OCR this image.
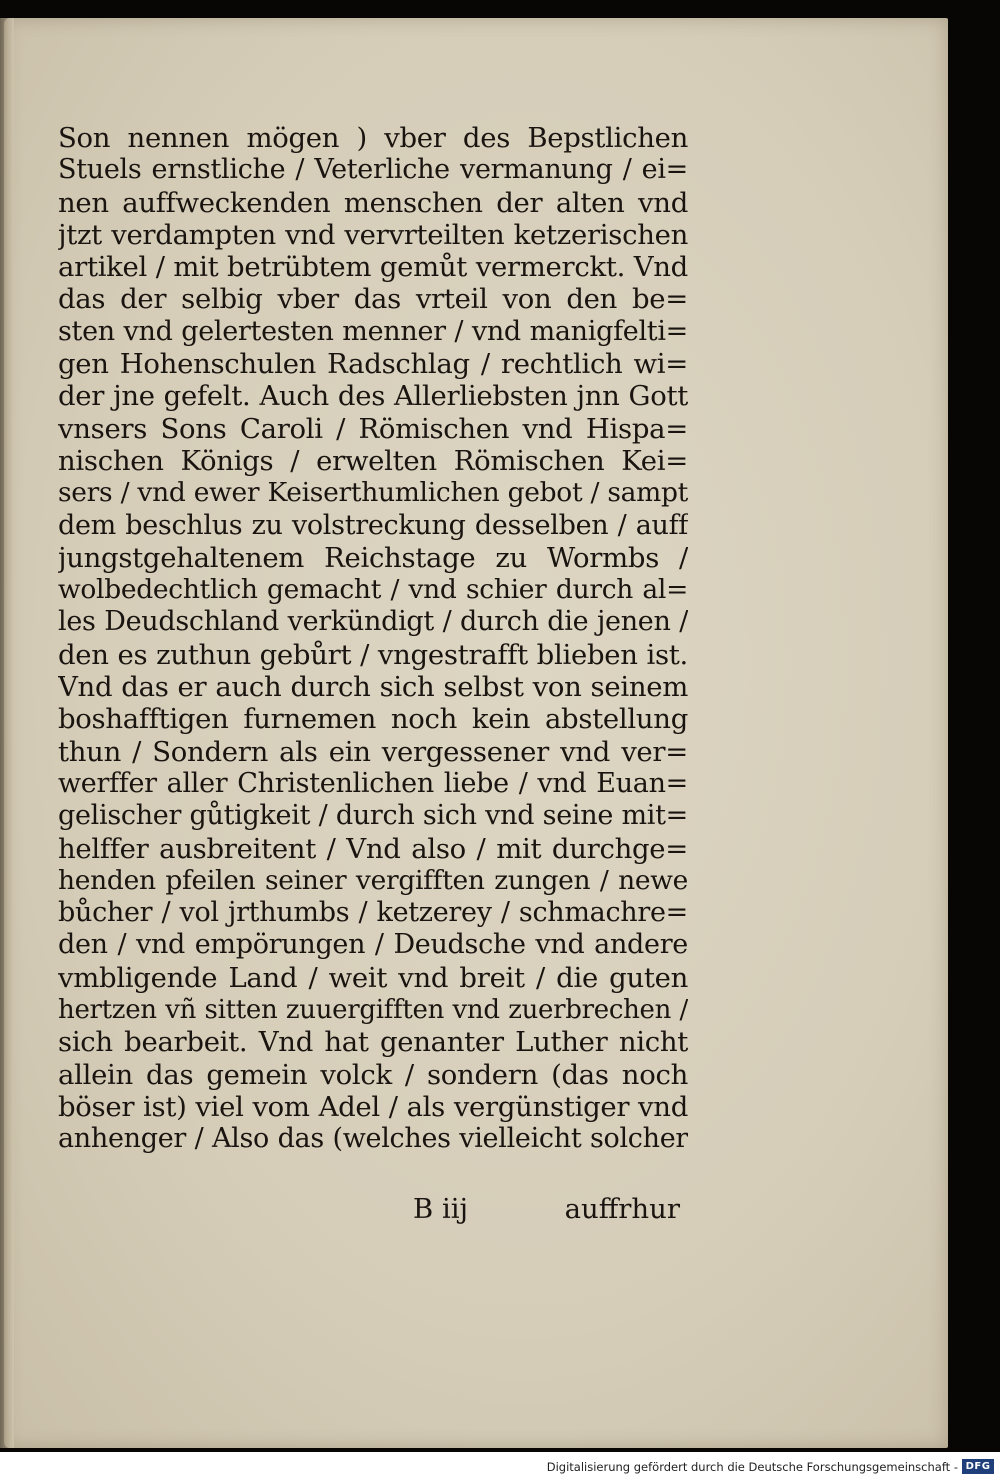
Son nennen mögen ) vber des Bepstlichen
Stuels ernstliche / Veterliche vermanung / ei=
nen auffweckenden menschen der alten vnd
jtzt verdampten vnd vervrteilten ketzerischen
artikel / mit betrübtem gemůt vermerckt. Vnd
das der selbig vber das vrteil von den be=
sten vnd gelertesten menner / vnd manigfelti=
gen Hohenschulen Radschlag / rechtlich wi=
der jne gefelt. Auch des Allerliebsten jnn Gott
vnsers Sons Caroli / Römischen vnd Hispa=
nischen Königs / erwelten Römischen Kei=
sers / vnd ewer Keiserthumlichen gebot / sampt
dem beschlus zu volstreckung desselben / auff
jungstgehaltenem Reichstage zu Wormbs /
wolbedechtlich gemacht / vnd schier durch al=
les Deudschland verkündigt / durch die jenen /
den es zuthun gebůrt / vngestrafft blieben ist.
Vnd das er auch durch sich selbst von seinem
boshafftigen furnemen noch kein abstellung
thun / Sondern als ein vergessener vnd ver=
werffer aller Christenlichen liebe / vnd Euan=
gelischer gůtigkeit / durch sich vnd seine mit=
helffer ausbreitent / Vnd also / mit durchge=
henden pfeilen seiner vergifften zungen / newe
bůcher / vol jrthumbs / ketzerey / schmachre=
den / vnd empörungen / Deudsche vnd andere
vmbligende Land / weit vnd breit / die guten
hertzen vñ sitten zuuergifften vnd zuerbrechen /
sich bearbeit. Vnd hat genanter Luther nicht
allein das gemein volck / sondern (das noch
böser ist) viel vom Adel / als vergünstiger vnd
anhenger / Also das (welches vielleicht solcher
B iij	auffrhur
Digitalisierung gefördert durch die Deutsche Forschungsgemeinschaft - DFG
